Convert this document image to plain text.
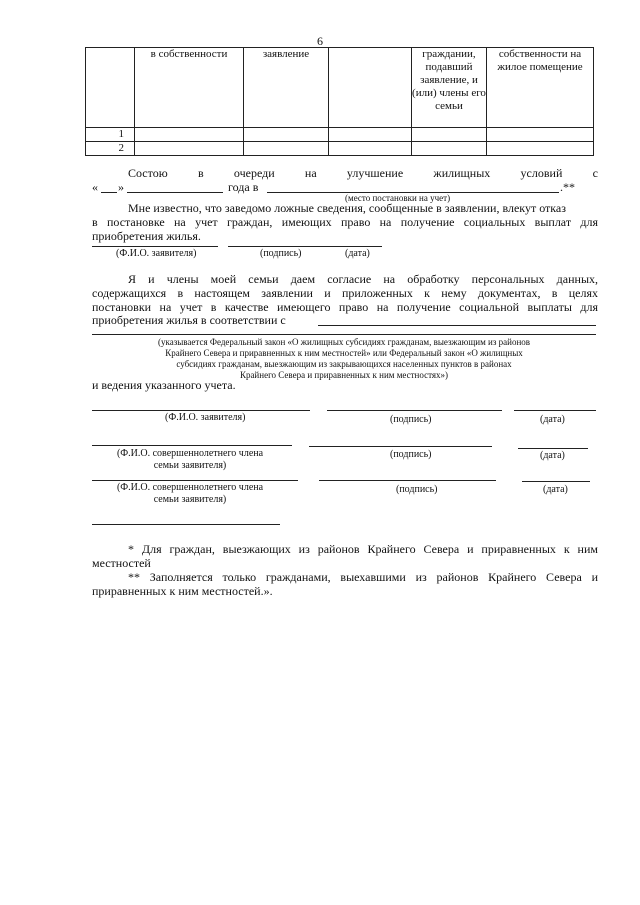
6
	в собственности	заявление		граждании, подавший заявление, и (или) члены его семьи	собственности на жилое помещение
1					
2					
Состою	в	очереди	на	улучшение	жилищных	условий	с
« »	года в	.**
(место постановки на учет)
Мне известно, что заведомо ложные сведения, сообщенные в заявлении, влекут отказ
в постановке на учет граждан, имеющих право на получение социальных выплат для
приобретения жилья.
(Ф.И.О. заявителя)	(подпись)	(дата)
Я и члены моей семьи даем согласие на обработку персональных данных,
содержащихся в настоящем заявлении и приложенных к нему документах, в целях
постановки на учет в качестве имеющего право на получение социальной выплаты для
приобретения жилья в соответствии с
(указывается Федеральный закон «О жилищных субсидиях гражданам, выезжающим из районов
Крайнего Севера и приравненных к ним местностей» или Федеральный закон «О жилищных
субсидиях гражданам, выезжающим из закрывающихся населенных пунктов в районах
Крайнего Севера и приравненных к ним местностях»)
и ведения указанного учета.
(Ф.И.О. заявителя)	(подпись)	(дата)
(Ф.И.О. совершеннолетнего члена
семьи заявителя)
(подпись)	(дата)
(Ф.И.О. совершеннолетнего члена
семьи заявителя)
(подпись)	(дата)
* Для граждан, выезжающих из районов Крайнего Севера и приравненных к ним
местностей
** Заполняется только гражданами, выехавшими из районов Крайнего Севера и
приравненных к ним местностей.».
